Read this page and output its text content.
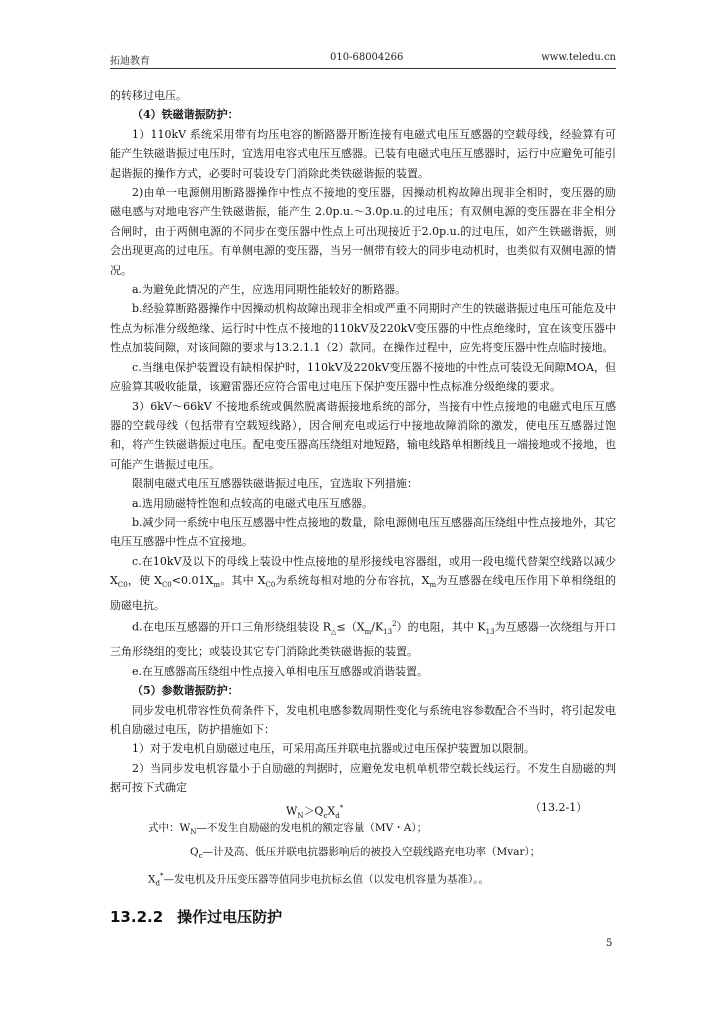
拓迪教育	010-68004266	www.teledu.cn

的转移过电压。

（4）铁磁谐振防护：

1）110kV 系统采用带有均压电容的断路器开断连接有电磁式电压互感器的空载母线，经验算有可能产生铁磁谐振过电压时，宜选用电容式电压互感器。已装有电磁式电压互感器时，运行中应避免可能引起谐振的操作方式，必要时可装设专门消除此类铁磁谐振的装置。

2)由单一电源侧用断路器操作中性点不接地的变压器，因操动机构故障出现非全相时，变压器的励磁电感与对地电容产生铁磁谐振，能产生 2.0p.u.～3.0p.u.的过电压；有双侧电源的变压器在非全相分合闸时，由于两侧电源的不同步在变压器中性点上可出现接近于2.0p.u.的过电压，如产生铁磁谐振，则会出现更高的过电压。有单侧电源的变压器，当另一侧带有较大的同步电动机时，也类似有双侧电源的情况。

a.为避免此情况的产生，应选用同期性能较好的断路器。

b.经验算断路器操作中因操动机构故障出现非全相或严重不同期时产生的铁磁谐振过电压可能危及中性点为标准分级绝缘、运行时中性点不接地的110kV及220kV变压器的中性点绝缘时，宜在该变压器中性点加装间隙，对该间隙的要求与13.2.1.1（2）款同。在操作过程中，应先将变压器中性点临时接地。

c.当继电保护装置设有缺相保护时，110kV及220kV变压器不接地的中性点可装设无间隙MOA，但应验算其吸收能量，该避雷器还应符合雷电过电压下保护变压器中性点标准分级绝缘的要求。

3）6kV～66kV 不接地系统或偶然脱离谐振接地系统的部分，当接有中性点接地的电磁式电压互感器的空载母线（包括带有空载短线路），因合闸充电或运行中接地故障消除的激发，使电压互感器过饱和，将产生铁磁谐振过电压。配电变压器高压绕组对地短路，输电线路单相断线且一端接地或不接地，也可能产生谐振过电压。

限制电磁式电压互感器铁磁谐振过电压，宜选取下列措施：

a.选用励磁特性饱和点较高的电磁式电压互感器。

b.减少同一系统中电压互感器中性点接地的数量，除电源侧电压互感器高压绕组中性点接地外，其它电压互感器中性点不宜接地。

c.在10kV及以下的母线上装设中性点接地的星形接线电容器组，或用一段电缆代替架空线路以减少 $X_{C0}$，使 $X_{C0}<0.01X_m$。其中 $X_{C0}$为系统每相对地的分布容抗，$X_m$为互感器在线电压作用下单相绕组的励磁电抗。

d.在电压互感器的开口三角形绕组装设 $R_\triangle\le(X_m/K_{13}^2)$的电阻，其中 $K_{13}$为互感器一次绕组与开口三角形绕组的变比；或装设其它专门消除此类铁磁谐振的装置。

e.在互感器高压绕组中性点接入单相电压互感器或消谐装置。

（5）参数谐振防护：

同步发电机带容性负荷条件下，发电机电感参数周期性变化与系统电容参数配合不当时，将引起发电机自励磁过电压，防护措施如下：

1）对于发电机自励磁过电压，可采用高压并联电抗器或过电压保护装置加以限制。

2）当同步发电机容量小于自励磁的判据时，应避免发电机单机带空载长线运行。不发生自励磁的判据可按下式确定

$W_N>Q_cX_d^*$	（13.2-1）

式中：$W_N—$不发生自励磁的发电机的额定容量（MV・A）；

$Q_c—$计及高、低压并联电抗器影响后的被投入空载线路充电功率（Mvar）；

$X_d^*—$发电机及升压变压器等值同步电抗标幺值（以发电机容量为基准）。。

13.2.2 操作过电压防护
5
